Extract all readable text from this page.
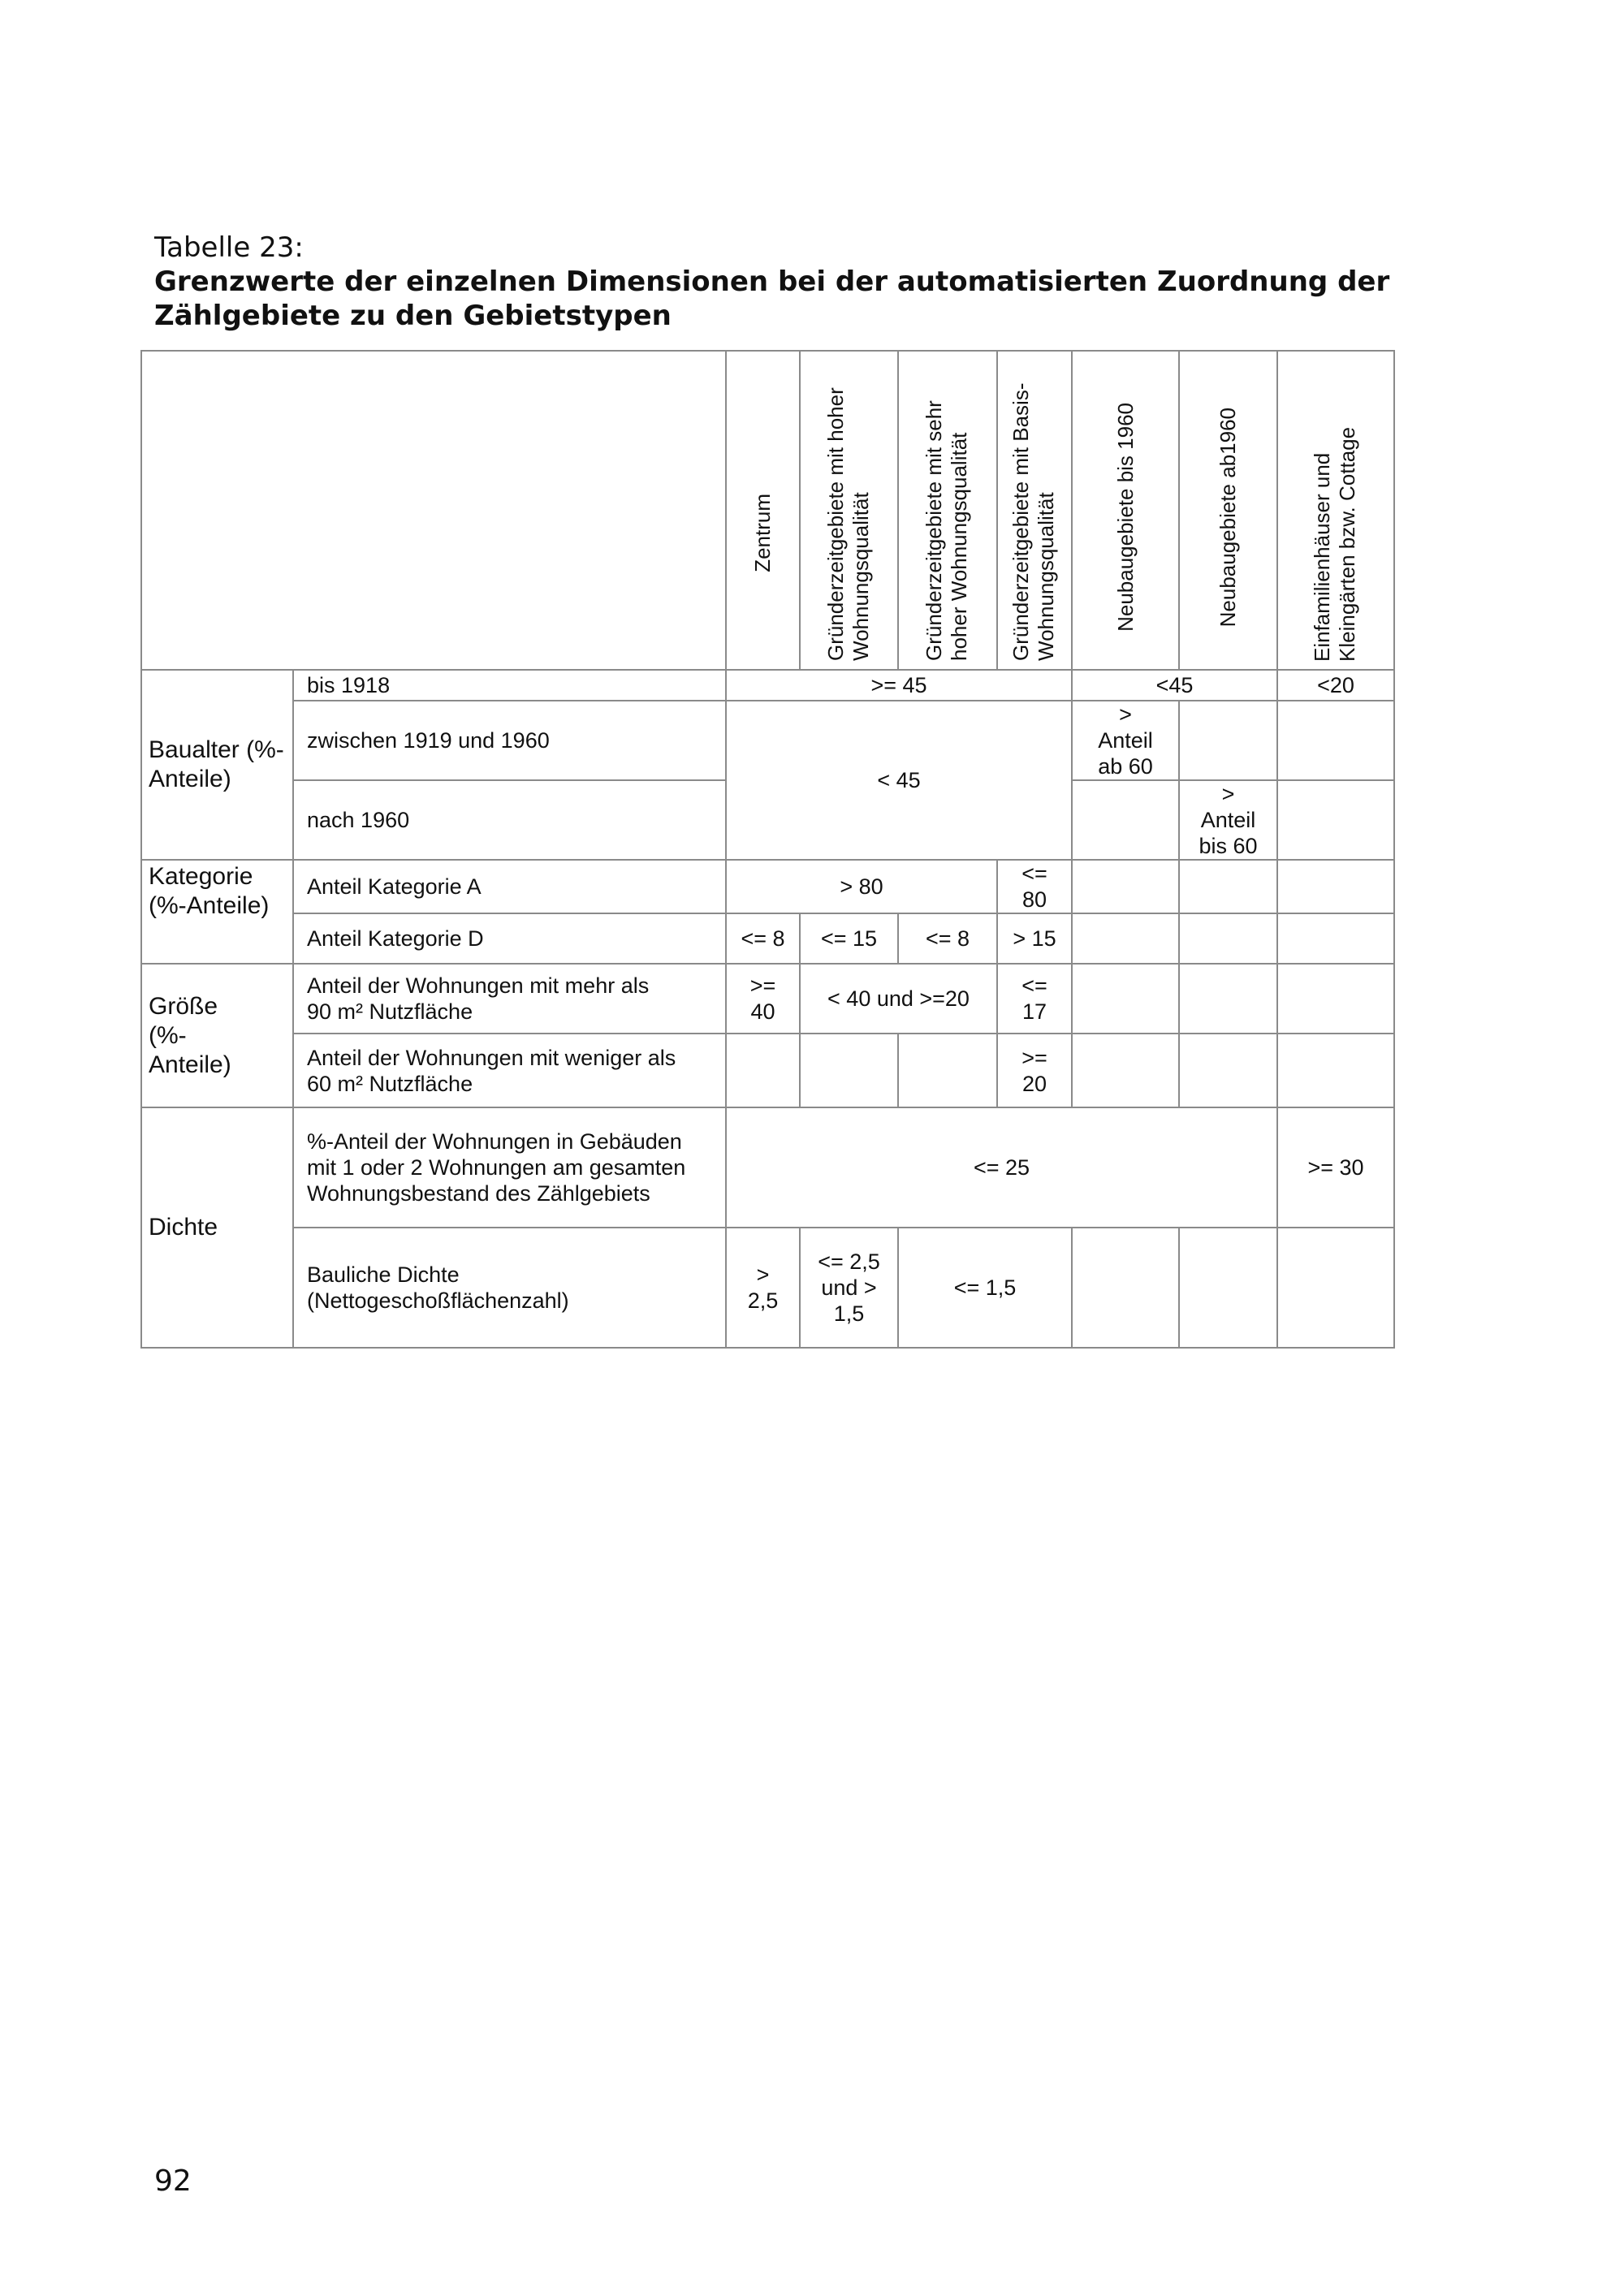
Tabelle 23:
Grenzwerte der einzelnen Dimensionen bei der automatisierten Zuordnung der Zählgebiete zu den Gebietstypen
		Zentrum	Gründerzeitgebiete mit hoher Wohnungsqualität	Gründerzeitgebiete mit sehr hoher Wohnungsqualität	Gründerzeitgebiete mit Basis-Wohnungsqualität	Neubaugebiete bis 1960	Neubaugebiete ab1960	Einfamilienhäuser und Kleingärten bzw. Cottage
Baualter (%-Anteile)	bis 1918	>= 45				<45		<20
	zwischen 1919 und 1960	< 45				> Anteil ab 60		
	nach 1960						> Anteil bis 60	
Kategorie (%-Anteile)	Anteil Kategorie A	> 80			<= 80			
	Anteil Kategorie D	<= 8	<= 15	<= 8	> 15			
Größe (%-Anteile)	Anteil der Wohnungen mit mehr als 90 m² Nutzfläche	>= 40	< 40 und >=20		<= 17			
	Anteil der Wohnungen mit weniger als 60 m² Nutzfläche				>= 20			
Dichte	%-Anteil der Wohnungen in Gebäuden mit 1 oder 2 Wohnungen am gesamten Wohnungsbestand des Zählgebiets	<= 25						>= 30
	Bauliche Dichte (Nettogeschoßflächenzahl)	> 2,5	<= 2,5 und > 1,5	<= 1,5				
92
